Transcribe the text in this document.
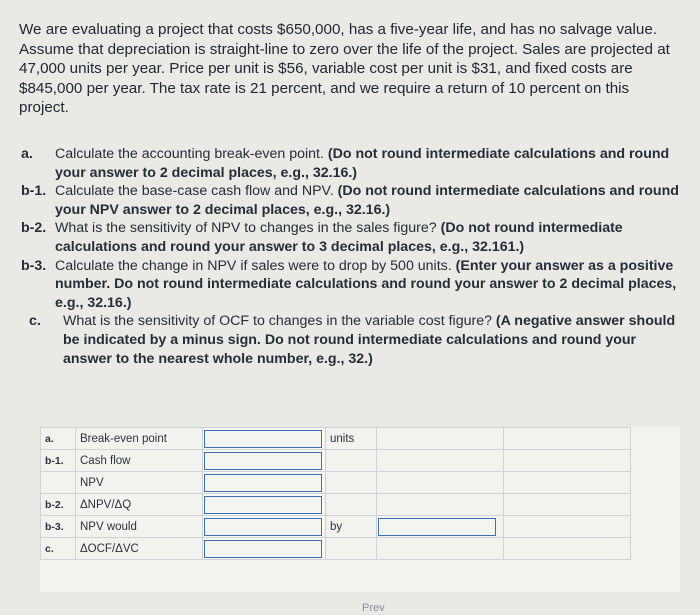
We are evaluating a project that costs $650,000, has a five-year life, and has no salvage value. Assume that depreciation is straight-line to zero over the life of the project. Sales are projected at 47,000 units per year. Price per unit is $56, variable cost per unit is $31, and fixed costs are $845,000 per year. The tax rate is 21 percent, and we require a return of 10 percent on this project.
a.	Calculate the accounting break-even point. (Do not round intermediate calculations and round your answer to 2 decimal places, e.g., 32.16.)
b-1. Calculate the base-case cash flow and NPV. (Do not round intermediate calculations and round your NPV answer to 2 decimal places, e.g., 32.16.)
b-2. What is the sensitivity of NPV to changes in the sales figure? (Do not round intermediate calculations and round your answer to 3 decimal places, e.g., 32.161.)
b-3. Calculate the change in NPV if sales were to drop by 500 units. (Enter your answer as a positive number. Do not round intermediate calculations and round your answer to 2 decimal places, e.g., 32.16.)
c.	What is the sensitivity of OCF to changes in the variable cost figure? (A negative answer should be indicated by a minus sign. Do not round intermediate calculations and round your answer to the nearest whole number, e.g., 32.)
a.	Break-even point		units		
b-1.	Cash flow	

	NPV	

b-2.	ΔNPV/ΔQ	

b-3.	NPV would		by	

c.	ΔOCF/ΔVC	

Prev
